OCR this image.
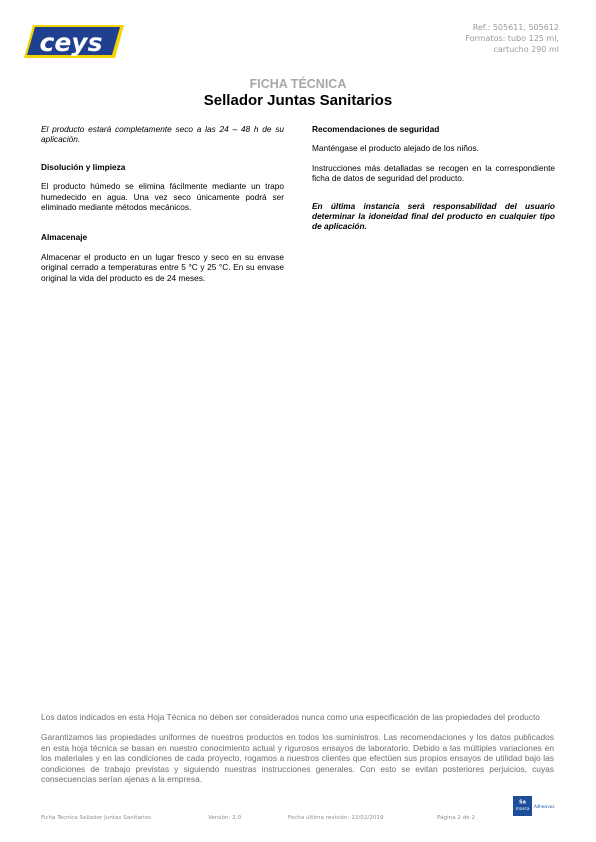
ceys
Ref.: 505611, 505612
Formatos: tubo 125 ml,
cartucho 290 ml
FICHA TÉCNICA
Sellador Juntas Sanitarios

El producto estará completamente seco a las 24 – 48 h de su aplicación.

Disolución y limpieza

El producto húmedo se elimina fácilmente mediante un trapo humedecido en agua. Una vez seco únicamente podrá ser eliminado mediante métodos mecánicos.

Almacenaje

Almacenar el producto en un lugar fresco y seco en su envase original cerrado a temperaturas entre 5 °C y 25 °C. En su envase original la vida del producto es de 24 meses.

Recomendaciones de seguridad

Manténgase el producto alejado de los niños.

Instrucciones más detalladas se recogen en la correspondiente ficha de datos de seguridad del producto.

En última instancia será responsabilidad del usuario determinar la idoneidad final del producto en cualquier tipo de aplicación.

Los datos indicados en esta Hoja Técnica no deben ser considerados nunca como una especificación de las propiedades del producto

Garantizamos las propiedades uniformes de nuestros productos en todos los suministros. Las recomendaciones y los datos publicados en esta hoja técnica se basan en nuestro conocimiento actual y rigurosos ensayos de laboratorio. Debido a las múltiples variaciones en los materiales y en las condiciones de cada proyecto, rogamos a nuestros clientes que efectúen sus propios ensayos de utilidad bajo las condiciones de trabajo previstas y siguiendo nuestras instrucciones generales. Con esto se evitan posteriores perjuicios, cuyas consecuencias serían ajenas a la empresa.

Sa
marca
Adhesivos
Ficha Técnica Sellador Juntas Sanitarios	Versión: 2.0	Fecha última revisión: 22/02/2019	Página 2 de 2
